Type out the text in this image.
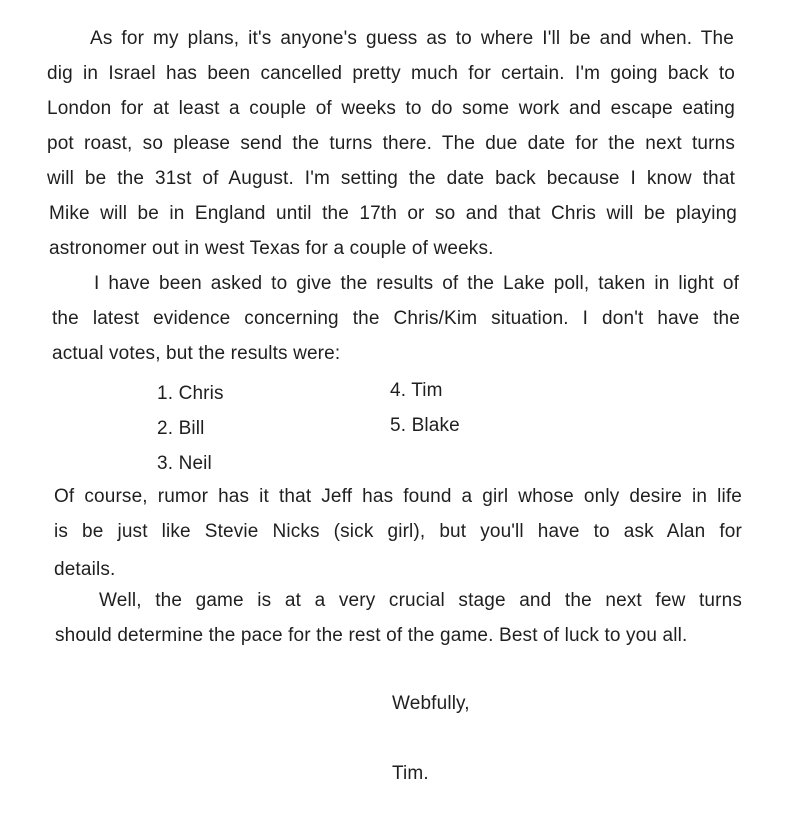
As for my plans, it's anyone's guess as to where I'll be and when. The
dig in Israel has been cancelled pretty much for certain. I'm going back to
London for at least a couple of weeks to do some work and escape eating
pot roast, so please send the turns there. The due date for the next turns
will be the 31st of August. I'm setting the date back because I know that
Mike will be in England until the 17th or so and that Chris will be playing
astronomer out in west Texas for a couple of weeks.
I have been asked to give the results of the Lake poll, taken in light of
the latest evidence concerning the Chris/Kim situation. I don't have the
actual votes, but the results were:
1. Chris
2. Bill
3. Neil
4. Tim
5. Blake
Of course, rumor has it that Jeff has found a girl whose only desire in life
is be just like Stevie Nicks (sick girl), but you'll have to ask Alan for
details.
Well, the game is at a very crucial stage and the next few turns
should determine the pace for the rest of the game. Best of luck to you all.
Webfully,
Tim.
